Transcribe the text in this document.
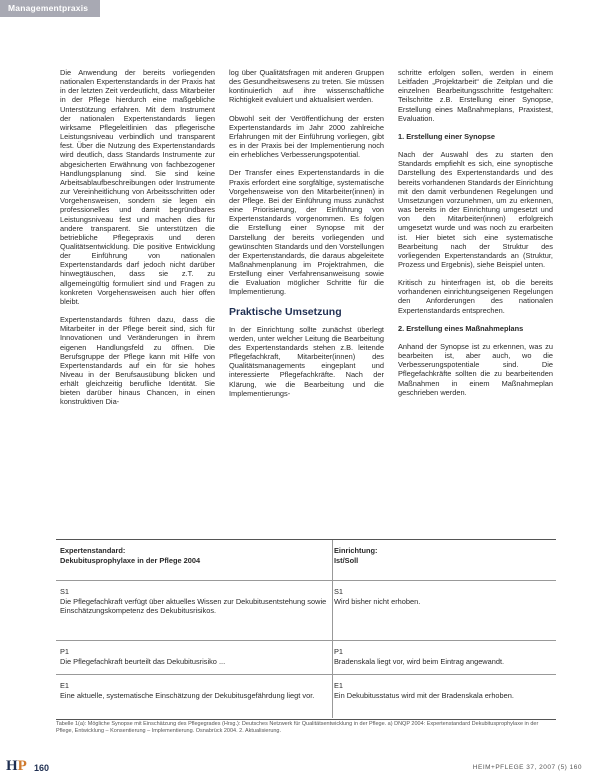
Managementpraxis

Die Anwendung der bereits vorliegenden nationalen Expertenstandards in der Praxis hat in der letzten Zeit verdeutlicht, dass Mitarbeiter in der Pflege hierdurch eine maßgebliche Unterstützung erfahren. Mit dem Instrument der nationalen Expertenstandards liegen wirksame Pflegeleitlinien das pflegerische Leistungsniveau verbindlich und transparent fest. Über die Nutzung des Expertenstandards wird deutlich, dass Standards Instrumente zur abgesicherten Erwähnung von fachbezogener Handlungsplanung sind. Sie sind keine Arbeitsablaufbeschreibungen oder Instrumente zur Vereinheitlichung von Arbeitsschritten oder Vorgehensweisen, sondern sie legen ein professionelles und damit begründbares Leistungsniveau fest und machen dies für andere transparent. Sie unterstützen die betriebliche Pflegepraxis und deren Qualitätsentwicklung. Die positive Entwicklung der Einführung von nationalen Expertenstandards darf jedoch nicht darüber hinwegtäuschen, dass sie z.T. zu allgemeingültig formuliert sind und Fragen zu konkreten Vorgehensweisen auch hier offen bleibt.

Expertenstandards führen dazu, dass die Mitarbeiter in der Pflege bereit sind, sich für Innovationen und Veränderungen in ihrem eigenen Handlungsfeld zu öffnen. Die Berufsgruppe der Pflege kann mit Hilfe von Expertenstandards auf ein für sie hohes Niveau in der Berufsausübung blicken und erhält gleichzeitig berufliche Identität. Sie bieten darüber hinaus Chancen, in einen konstruktiven Dia-

log über Qualitätsfragen mit anderen Gruppen des Gesundheitswesens zu treten. Sie müssen kontinuierlich auf ihre wissenschaftliche Richtigkeit evaluiert und aktualisiert werden.

Obwohl seit der Veröffentlichung der ersten Expertenstandards im Jahr 2000 zahlreiche Erfahrungen mit der Einführung vorliegen, gibt es in der Praxis bei der Implementierung noch ein erhebliches Verbesserungspotential.

Der Transfer eines Expertenstandards in die Praxis erfordert eine sorgfältige, systematische Vorgehensweise von den Mitarbeiter(innen) in der Pflege. Bei der Einführung muss zunächst eine Priorisierung, der Einführung von Expertenstandards vorgenommen. Es folgen die Erstellung einer Synopse mit der Darstellung der bereits vorliegenden und gewünschten Standards und den Vorstellungen der Expertenstandards, die daraus abgeleitete Maßnahmenplanung im Projektrahmen, die Erstellung einer Verfahrensanweisung sowie die Evaluation möglicher Schritte für die Implementierung.

Praktische Umsetzung

In der Einrichtung sollte zunächst überlegt werden, unter welcher Leitung die Bearbeitung des Expertenstandards stehen z.B. leitende Pflegefachkraft, Mitarbeiter(innen) des Qualitätsmanagements eingeplant und interessierte Pflegefachkräfte. Nach der Klärung, wie die Bearbeitung und die Implementierungs-

schritte erfolgen sollen, werden in einem Leitfaden „Projektarbeit“ die Zeitplan und die einzelnen Bearbeitungsschritte festgehalten: Teilschritte z.B. Erstellung einer Synopse, Erstellung eines Maßnahmeplans, Praxistest, Evaluation.

1. Erstellung einer Synopse

Nach der Auswahl des zu starten den Standards empfiehlt es sich, eine synoptische Darstellung des Expertenstandards und des bereits vorhandenen Standards der Einrichtung mit den damit verbundenen Regelungen und Umsetzungen vorzunehmen, um zu erkennen, was bereits in der Einrichtung umgesetzt und von den Mitarbeiter(innen) erfolgreich umgesetzt wurde und was noch zu erarbeiten ist. Hier bietet sich eine systematische Bearbeitung nach der Struktur des vorliegenden Expertenstandards an (Struktur, Prozess und Ergebnis), siehe Beispiel unten.

Kritisch zu hinterfragen ist, ob die bereits vorhandenen einrichtungseigenen Regelungen den Anforderungen des nationalen Expertenstandards entsprechen.

2. Erstellung eines Maßnahmeplans

Anhand der Synopse ist zu erkennen, was zu bearbeiten ist, aber auch, wo die Verbesserungspotentiale sind. Die Pflegefachkräfte sollten die zu bearbeitenden Maßnahmen in einem Maßnahmeplan geschrieben werden.

Expertenstandard:
Dekubitusprophylaxe in der Pflege 2004
Einrichtung:
Ist/Soll
S1
Die Pflegefachkraft verfügt über aktuelles Wissen zur Dekubitusentstehung sowie Einschätzungskompetenz des Dekubitusrisikos.
S1
Wird bisher nicht erhoben.
P1
Die Pflegefachkraft beurteilt das Dekubitusrisiko ...
P1
Bradenskala liegt vor, wird beim Eintrag angewandt.
E1
Eine aktuelle, systematische Einschätzung der Dekubitusgefährdung liegt vor.
E1
Ein Dekubitusstatus wird mit der Bradenskala erhoben.
Tabelle 1(a): Mögliche Synopse mit Einschätzung des Pflegegrades (Hrsg.): Deutsches Netzwerk für Qualitätsentwicklung in der Pflege. a) DNQP 2004: Expertenstandard Dekubitusprophylaxe in der Pflege, Entwicklung – Konsentierung – Implementierung. Osnabrück 2004. 2. Aktualisierung.
HP 160	HEIM+PFLEGE 37, 2007 (5) 160
